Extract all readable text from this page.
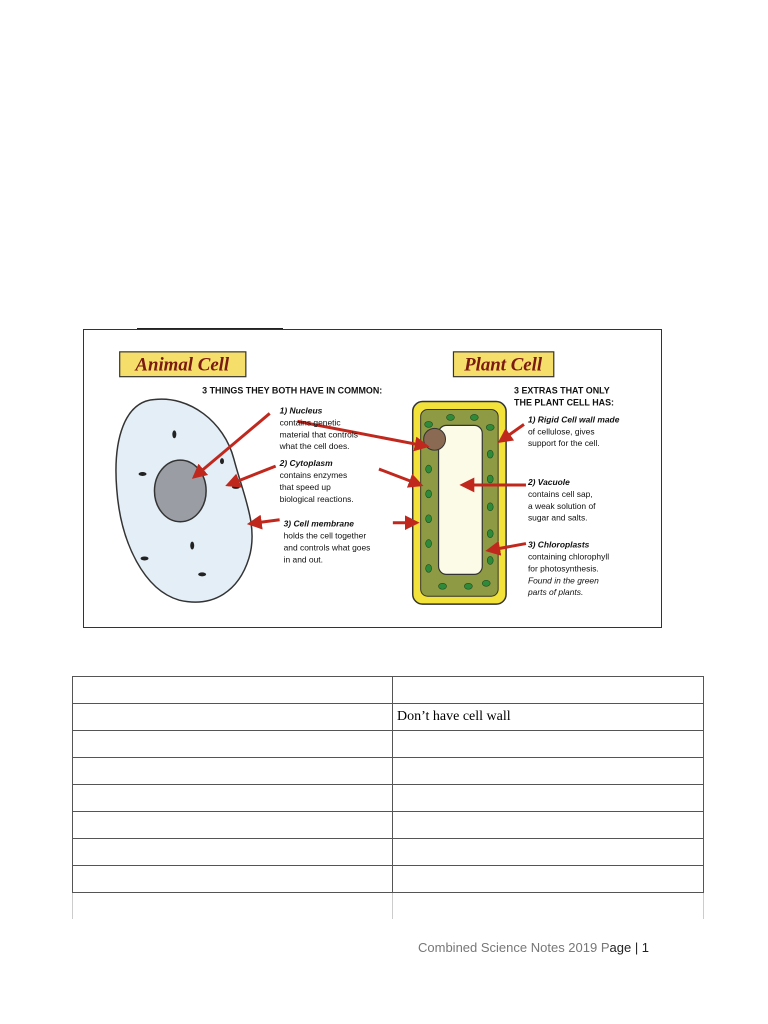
Animal Cell	Plant Cell
3 THINGS THEY BOTH HAVE IN COMMON:	3 EXTRAS THAT ONLY
THE PLANT CELL HAS:
1) Nucleus
contains genetic
material that controls
what the cell does.
2) Cytoplasm
contains enzymes
that speed up
biological reactions.
3) Cell membrane
holds the cell together
and controls what goes
in and out.
1) Rigid Cell wall made
of cellulose, gives
support for the cell.
2) Vacuole
contains cell sap,
a weak solution of
sugar and salts.
3) Chloroplasts
containing chlorophyll
for photosynthesis.
Found in the green
parts of plants.

	Don’t have cell wall

Combined Science Notes 2019 Page | 1
